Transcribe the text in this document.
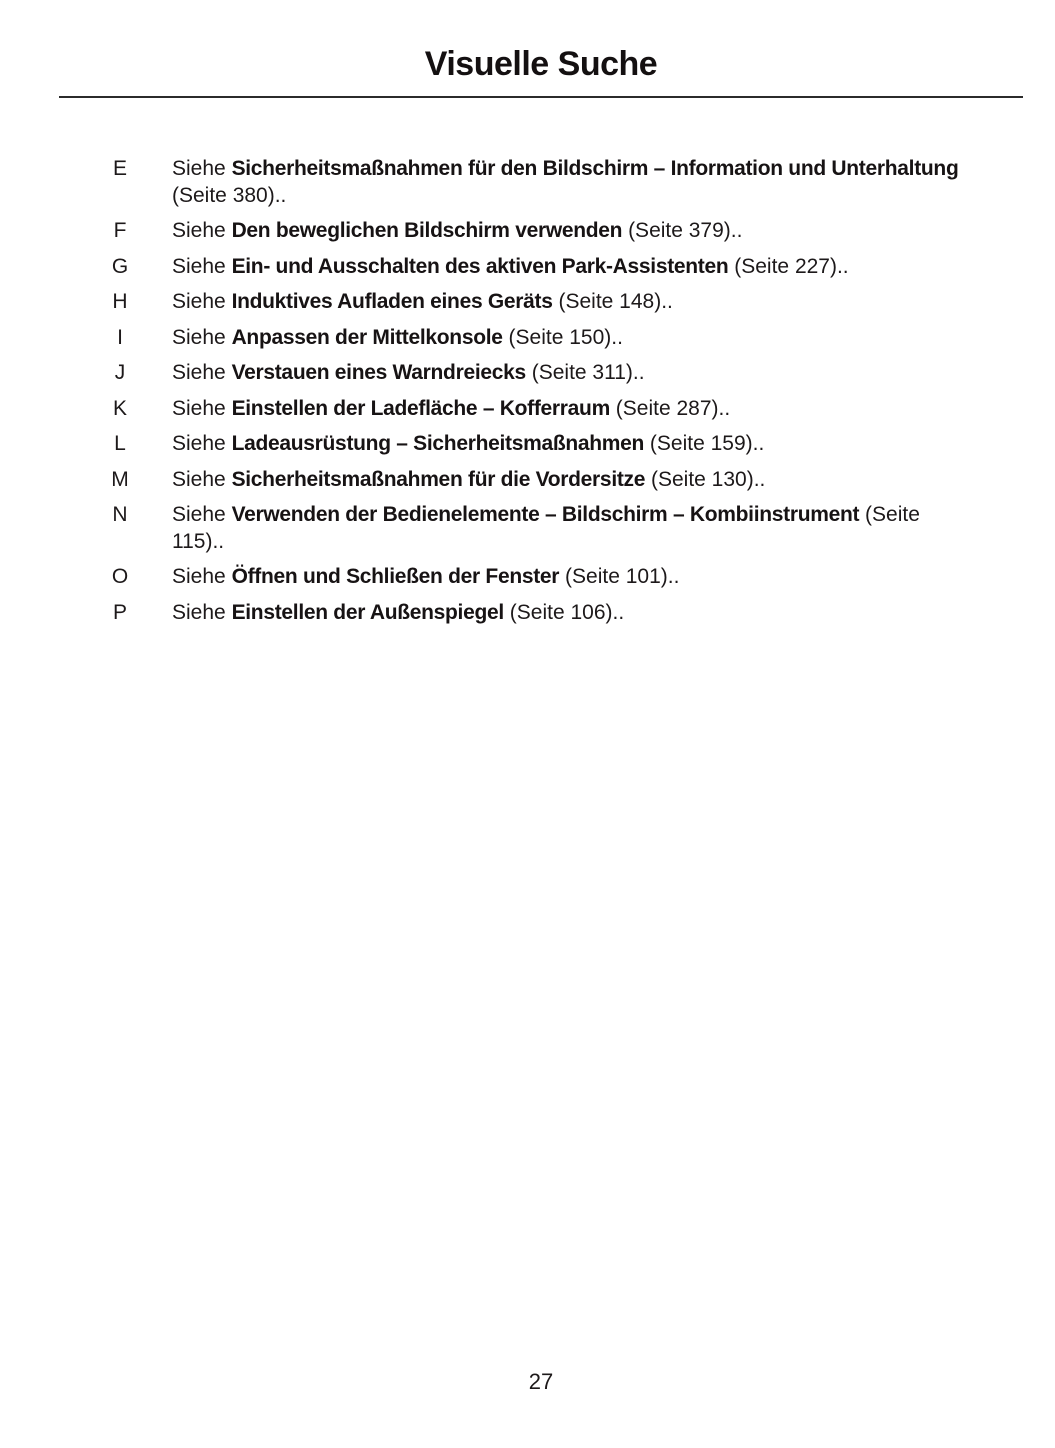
Visuelle Suche
E	Siehe Sicherheitsmaßnahmen für den Bildschirm – Information und Unterhaltung (Seite 380)..
F	Siehe Den beweglichen Bildschirm verwenden (Seite 379)..
G	Siehe Ein- und Ausschalten des aktiven Park-Assistenten (Seite 227)..
H	Siehe Induktives Aufladen eines Geräts (Seite 148)..
I	Siehe Anpassen der Mittelkonsole (Seite 150)..
J	Siehe Verstauen eines Warndreiecks (Seite 311)..
K	Siehe Einstellen der Ladefläche – Kofferraum (Seite 287)..
L	Siehe Ladeausrüstung – Sicherheitsmaßnahmen (Seite 159)..
M Siehe Sicherheitsmaßnahmen für die Vordersitze (Seite 130)..
N	Siehe Verwenden der Bedienelemente – Bildschirm – Kombiinstrument (Seite 115)..
O	Siehe Öffnen und Schließen der Fenster (Seite 101)..
P	Siehe Einstellen der Außenspiegel (Seite 106)..
27
